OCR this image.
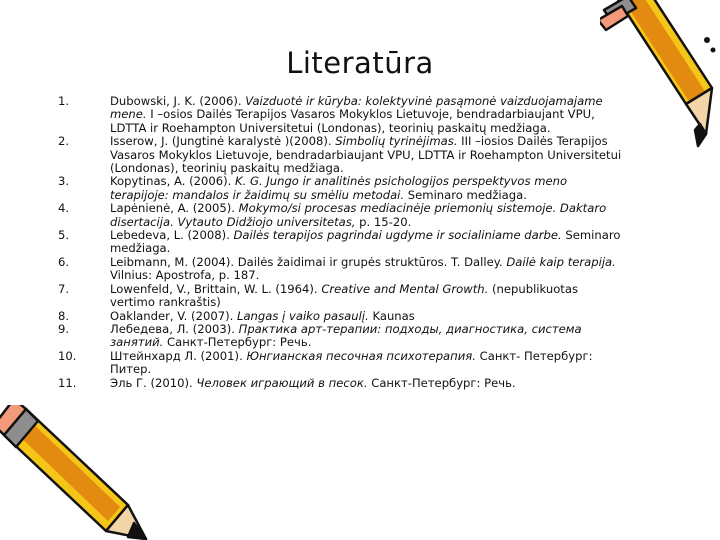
Literatūra
1.	Dubowski, J. K. (2006). Vaizduotė ir kūryba: kolektyvinė pasąmonė vaizduojamajame mene. I –osios Dailės Terapijos Vasaros Mokyklos Lietuvoje, bendradarbiaujant VPU, LDTTA ir Roehampton Universitetui (Londonas), teorinių paskaitų medžiaga.
2.	Isserow, J. (Jungtinė karalystė )(2008). Simbolių tyrinėjimas. III –iosios Dailės Terapijos Vasaros Mokyklos Lietuvoje, bendradarbiaujant VPU, LDTTA ir Roehampton Universitetui (Londonas), teorinių paskaitų medžiaga.
3.	Kopytinas, A. (2006). K. G. Jungo ir analitinės psichologijos perspektyvos meno terapijoje: mandalos ir žaidimų su smėliu metodai. Seminaro medžiaga.
4.	Lapėnienė, A. (2005). Mokymo/si procesas mediacinėje priemonių sistemoje. Daktaro disertacija. Vytauto Didžiojo universitetas, p. 15-20.
5.	Lebedeva, L. (2008). Dailės terapijos pagrindai ugdyme ir socialiniame darbe. Seminaro medžiaga.
6.	Leibmann, M. (2004). Dailės žaidimai ir grupės struktūros. T. Dalley. Dailė kaip terapija. Vilnius: Apostrofa, p. 187.
7.	Lowenfeld, V., Brittain, W. L. (1964). Creative and Mental Growth. (nepublikuotas vertimo rankraštis)
8.	Oaklander, V. (2007). Langas į vaiko pasaulį. Kaunas
9.	Лебедева, Л. (2003). Практика арт-терапии: подходы, диагностика, система занятий. Санкт-Петербург: Речь.
10.	Штейнхард Л. (2001). Юнгианская песочная психотерапия. Санкт- Петербург: Питер.
11.	Эль Г. (2010). Человек играющий в песок. Санкт-Петербург: Речь.
